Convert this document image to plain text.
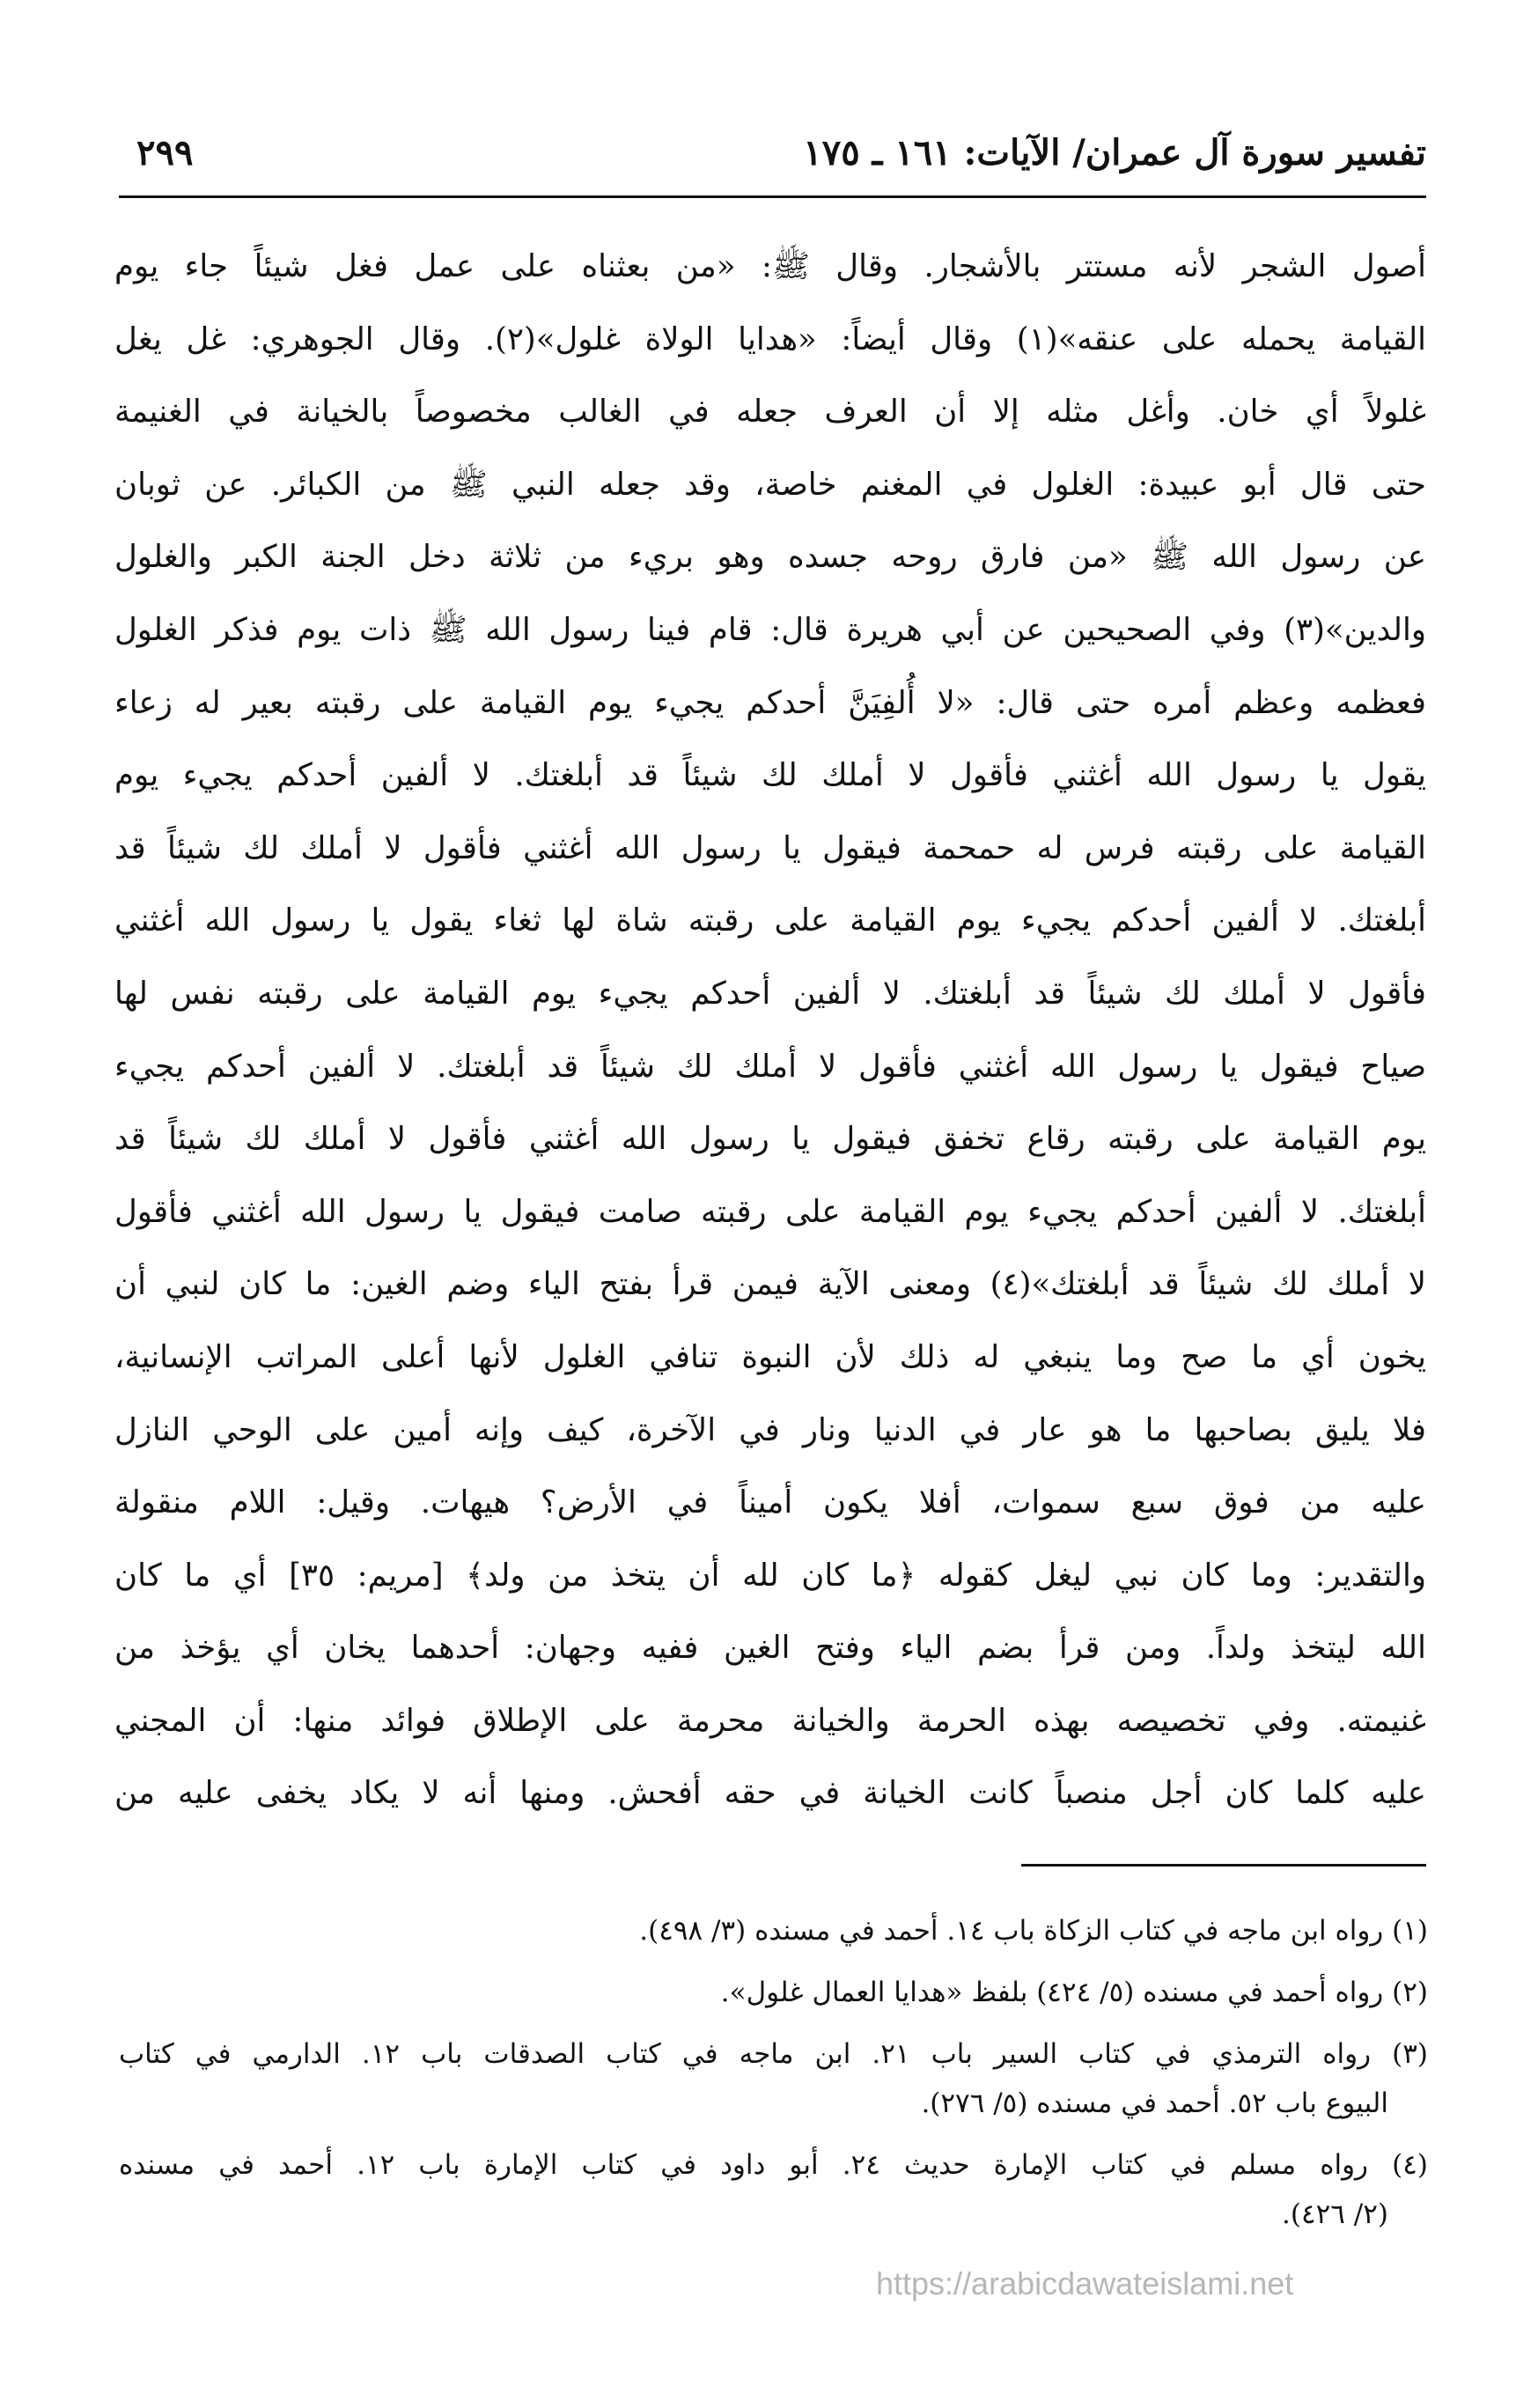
تفسير سورة آل عمران/ الآيات: ١٦١ ـ ١٧٥
٢٩٩
أصول الشجر لأنه مستتر بالأشجار. وقال ﷺ: «من بعثناه على عمل فغل شيئاً جاء يوم
القيامة يحمله على عنقه»(١) وقال أيضاً: «هدايا الولاة غلول»(٢). وقال الجوهري: غل يغل
غلولاً أي خان. وأغل مثله إلا أن العرف جعله في الغالب مخصوصاً بالخيانة في الغنيمة
حتى قال أبو عبيدة: الغلول في المغنم خاصة، وقد جعله النبي ﷺ من الكبائر. عن ثوبان
عن رسول الله ﷺ «من فارق روحه جسده وهو بريء من ثلاثة دخل الجنة الكبر والغلول
والدين»(٣) وفي الصحيحين عن أبي هريرة قال: قام فينا رسول الله ﷺ ذات يوم فذكر الغلول
فعظمه وعظم أمره حتى قال: «لا أُلفِيَنَّ أحدكم يجيء يوم القيامة على رقبته بعير له زعاء
يقول يا رسول الله أغثني فأقول لا أملك لك شيئاً قد أبلغتك. لا ألفين أحدكم يجيء يوم
القيامة على رقبته فرس له حمحمة فيقول يا رسول الله أغثني فأقول لا أملك لك شيئاً قد
أبلغتك. لا ألفين أحدكم يجيء يوم القيامة على رقبته شاة لها ثغاء يقول يا رسول الله أغثني
فأقول لا أملك لك شيئاً قد أبلغتك. لا ألفين أحدكم يجيء يوم القيامة على رقبته نفس لها
صياح فيقول يا رسول الله أغثني فأقول لا أملك لك شيئاً قد أبلغتك. لا ألفين أحدكم يجيء
يوم القيامة على رقبته رقاع تخفق فيقول يا رسول الله أغثني فأقول لا أملك لك شيئاً قد
أبلغتك. لا ألفين أحدكم يجيء يوم القيامة على رقبته صامت فيقول يا رسول الله أغثني فأقول
لا أملك لك شيئاً قد أبلغتك»(٤) ومعنى الآية فيمن قرأ بفتح الياء وضم الغين: ما كان لنبي أن
يخون أي ما صح وما ينبغي له ذلك لأن النبوة تنافي الغلول لأنها أعلى المراتب الإنسانية،
فلا يليق بصاحبها ما هو عار في الدنيا ونار في الآخرة، كيف وإنه أمين على الوحي النازل
عليه من فوق سبع سموات، أفلا يكون أميناً في الأرض؟ هيهات. وقيل: اللام منقولة
والتقدير: وما كان نبي ليغل كقوله ﴿ما كان لله أن يتخذ من ولد﴾ [مريم: ٣٥] أي ما كان
الله ليتخذ ولداً. ومن قرأ بضم الياء وفتح الغين ففيه وجهان: أحدهما يخان أي يؤخذ من
غنيمته. وفي تخصيصه بهذه الحرمة والخيانة محرمة على الإطلاق فوائد منها: أن المجني
عليه كلما كان أجل منصباً كانت الخيانة في حقه أفحش. ومنها أنه لا يكاد يخفى عليه من
(١) رواه ابن ماجه في كتاب الزكاة باب ١٤. أحمد في مسنده (٣/ ٤٩٨).
(٢) رواه أحمد في مسنده (٥/ ٤٢٤) بلفظ «هدايا العمال غلول».
(٣) رواه الترمذي في كتاب السير باب ٢١. ابن ماجه في كتاب الصدقات باب ١٢. الدارمي في كتاب
البيوع باب ٥٢. أحمد في مسنده (٥/ ٢٧٦).
(٤) رواه مسلم في كتاب الإمارة حديث ٢٤. أبو داود في كتاب الإمارة باب ١٢. أحمد في مسنده
(٢/ ٤٢٦).
https://arabicdawateislami.net
